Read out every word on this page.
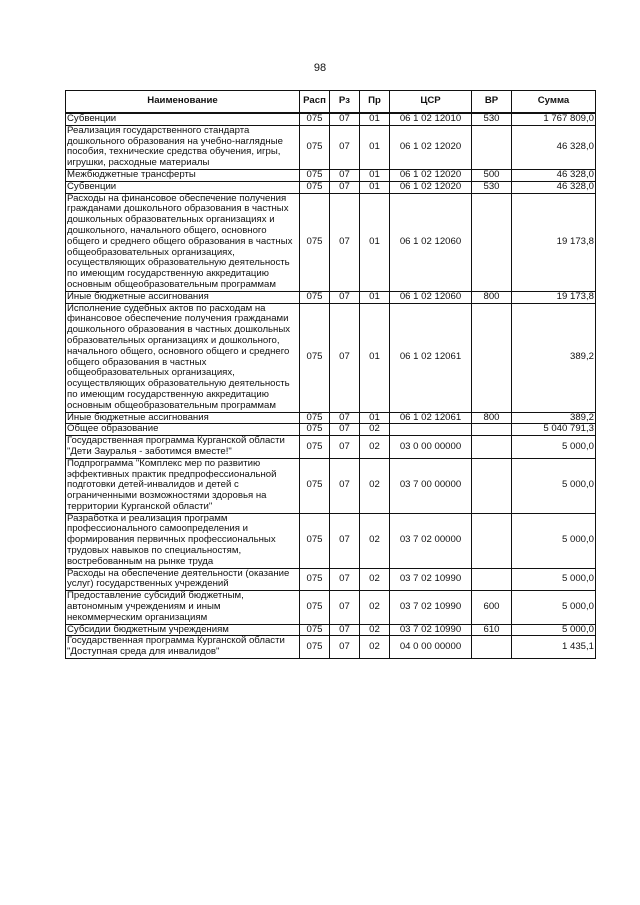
98
Наименование	Расп	Рз	Пр	ЦСР	ВР	Сумма
Субвенции	075	07	01	06 1 02 12010	530	1 767 809,0
Реализация государственного стандарта дошкольного образования на учебно-наглядные пособия, технические средства обучения, игры, игрушки, расходные материалы	075	07	01	06 1 02 12020		46 328,0
Межбюджетные трансферты	075	07	01	06 1 02 12020	500	46 328,0
Субвенции	075	07	01	06 1 02 12020	530	46 328,0
Расходы на финансовое обеспечение получения гражданами дошкольного образования в частных дошкольных образовательных организациях и дошкольного, начального общего, основного общего и среднего общего образования в частных общеобразовательных организациях, осуществляющих образовательную деятельность по имеющим государственную аккредитацию основным общеобразовательным программам	075	07	01	06 1 02 12060		19 173,8
Иные бюджетные ассигнования	075	07	01	06 1 02 12060	800	19 173,8
Исполнение судебных актов по расходам на финансовое обеспечение получения гражданами дошкольного образования в частных дошкольных образовательных организациях и дошкольного, начального общего, основного общего и среднего общего образования в частных общеобразовательных организациях, осуществляющих образовательную деятельность по имеющим государственную аккредитацию основным общеобразовательным программам	075	07	01	06 1 02 12061		389,2
Иные бюджетные ассигнования	075	07	01	06 1 02 12061	800	389,2
Общее образование	075	07	02			5 040 791,3
Государственная программа Курганской области "Дети Зауралья - заботимся вместе!"	075	07	02	03 0 00 00000		5 000,0
Подпрограмма "Комплекс мер по развитию эффективных практик предпрофессиональной подготовки детей-инвалидов и детей с ограниченными возможностями здоровья на территории Курганской области"	075	07	02	03 7 00 00000		5 000,0
Разработка и реализация программ профессионального самоопределения и формирования первичных профессиональных трудовых навыков по специальностям, востребованным на рынке труда	075	07	02	03 7 02 00000		5 000,0
Расходы на обеспечение деятельности (оказание услуг) государственных учреждений	075	07	02	03 7 02 10990		5 000,0
Предоставление субсидий бюджетным, автономным учреждениям и иным некоммерческим организациям	075	07	02	03 7 02 10990	600	5 000,0
Субсидии бюджетным учреждениям	075	07	02	03 7 02 10990	610	5 000,0
Государственная программа Курганской области "Доступная среда для инвалидов"	075	07	02	04 0 00 00000		1 435,1
